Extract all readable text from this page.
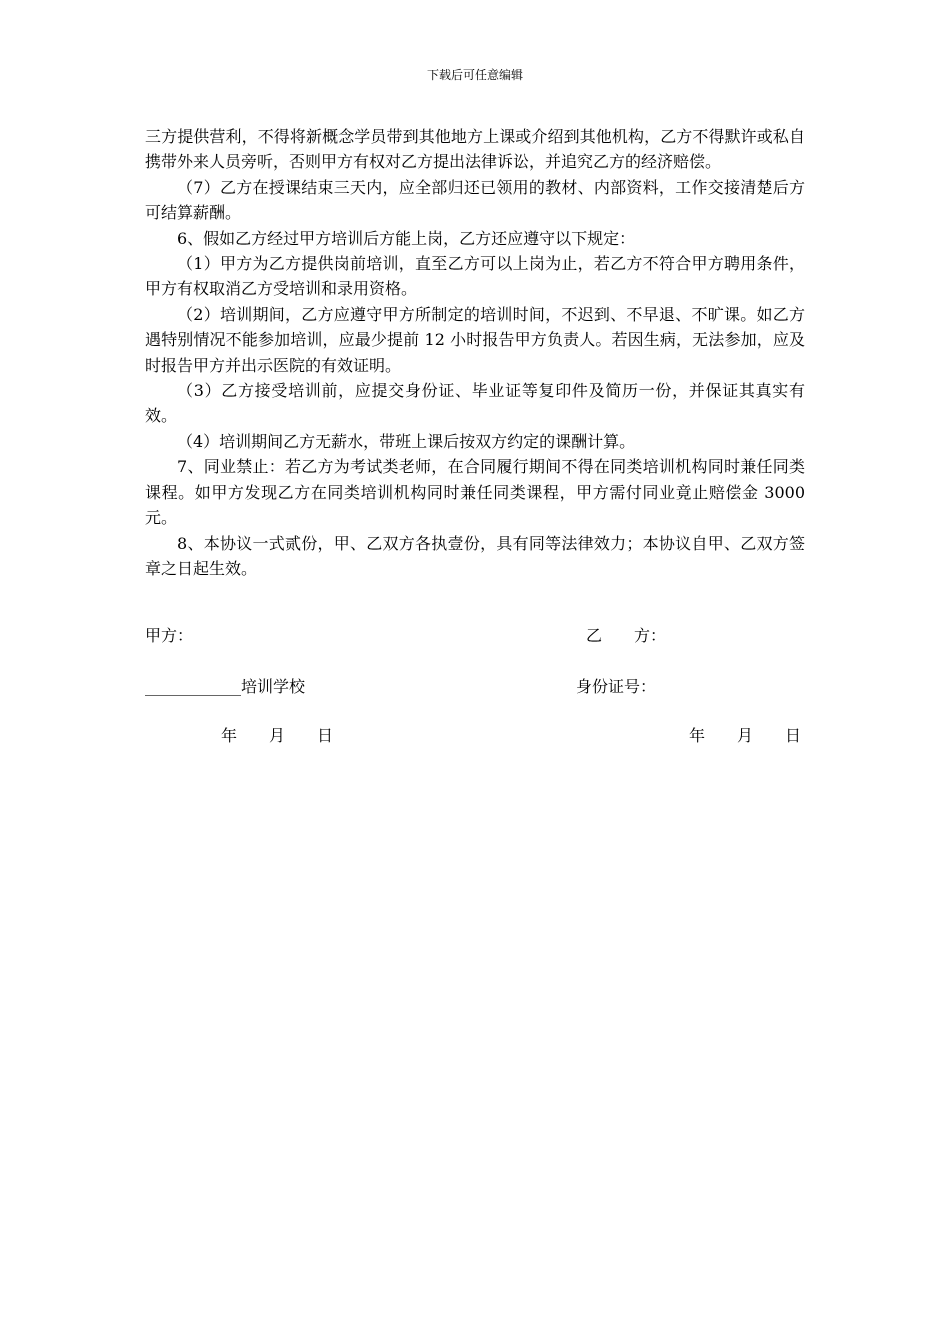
下载后可任意编辑

三方提供营利，不得将新概念学员带到其他地方上课或介绍到其他机构，乙方不得默许或私自携带外来人员旁听，否则甲方有权对乙方提出法律诉讼，并追究乙方的经济赔偿。

（7）乙方在授课结束三天内，应全部归还已领用的教材、内部资料，工作交接清楚后方可结算薪酬。

6、假如乙方经过甲方培训后方能上岗，乙方还应遵守以下规定：

（1）甲方为乙方提供岗前培训，直至乙方可以上岗为止，若乙方不符合甲方聘用条件，甲方有权取消乙方受培训和录用资格。

（2）培训期间，乙方应遵守甲方所制定的培训时间，不迟到、不早退、不旷课。如乙方遇特别情况不能参加培训，应最少提前 12 小时报告甲方负责人。若因生病，无法参加，应及时报告甲方并出示医院的有效证明。

（3）乙方接受培训前，应提交身份证、毕业证等复印件及简历一份，并保证其真实有效。

（4）培训期间乙方无薪水，带班上课后按双方约定的课酬计算。

7、同业禁止：若乙方为考试类老师，在合同履行期间不得在同类培训机构同时兼任同类课程。如甲方发现乙方在同类培训机构同时兼任同类课程，甲方需付同业竟止赔偿金 3000 元。

8、本协议一式贰份，甲、乙双方各执壹份，具有同等法律效力；本协议自甲、乙双方签章之日起生效。

甲方：	乙　　方：
____________培训学校	身份证号：
年　　月　　日	年　　月　　日
